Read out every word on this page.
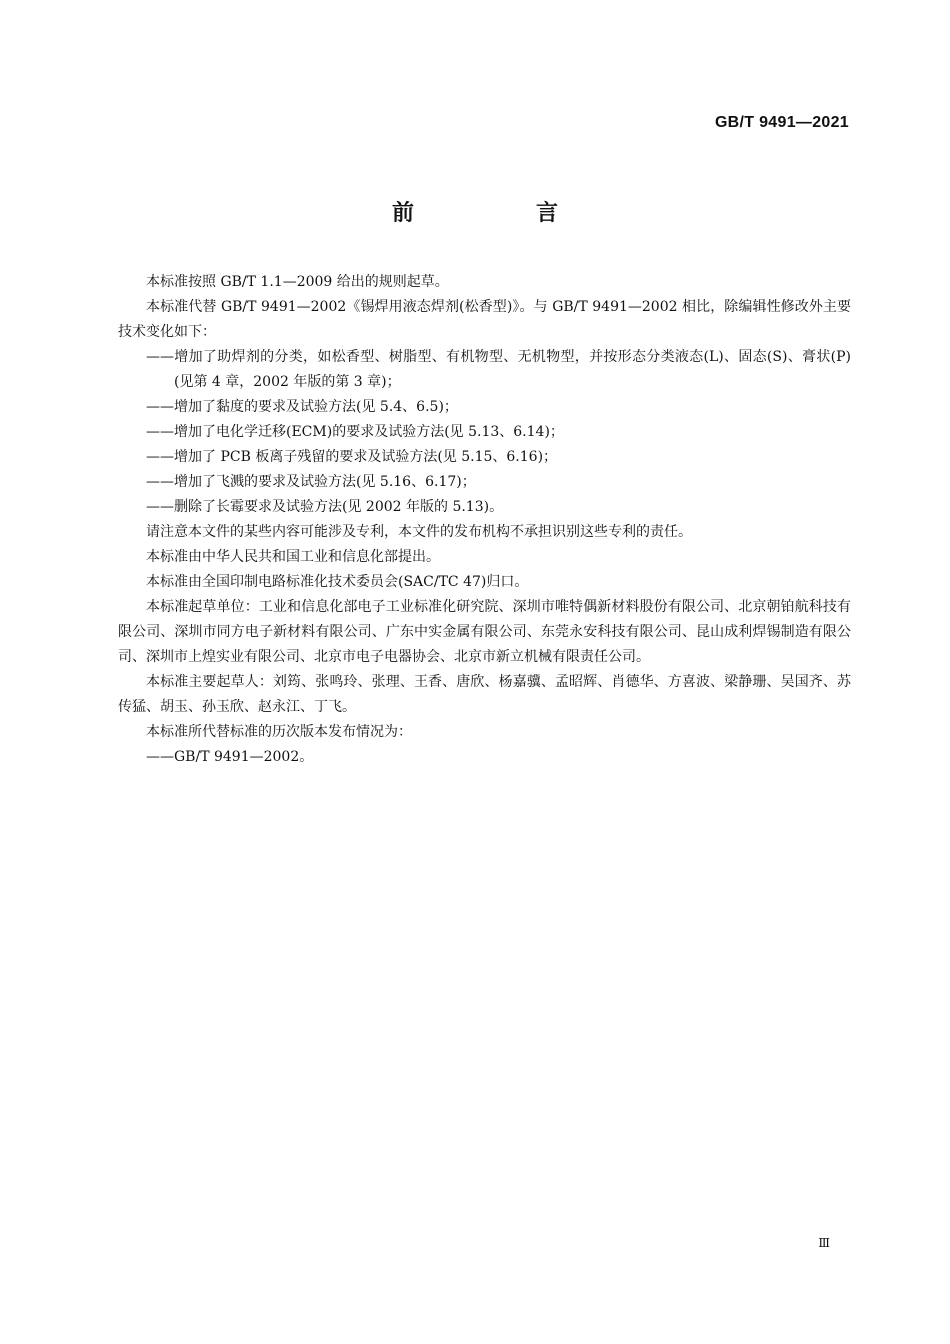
GB/T 9491—2021
前　言

本标准按照 GB/T 1.1—2009 给出的规则起草。

本标准代替 GB/T 9491—2002《锡焊用液态焊剂(松香型)》。与 GB/T 9491—2002 相比，除编辑性修改外主要技术变化如下：

——增加了助焊剂的分类，如松香型、树脂型、有机物型、无机物型，并按形态分类液态(L)、固态(S)、膏状(P)(见第 4 章，2002 年版的第 3 章)；

——增加了黏度的要求及试验方法(见 5.4、6.5)；

——增加了电化学迁移(ECM)的要求及试验方法(见 5.13、6.14)；

——增加了 PCB 板离子残留的要求及试验方法(见 5.15、6.16)；

——增加了飞溅的要求及试验方法(见 5.16、6.17)；

——删除了长霉要求及试验方法(见 2002 年版的 5.13)。

请注意本文件的某些内容可能涉及专利，本文件的发布机构不承担识别这些专利的责任。

本标准由中华人民共和国工业和信息化部提出。

本标准由全国印制电路标准化技术委员会(SAC/TC 47)归口。

本标准起草单位：工业和信息化部电子工业标准化研究院、深圳市唯特偶新材料股份有限公司、北京朝铂航科技有限公司、深圳市同方电子新材料有限公司、广东中实金属有限公司、东莞永安科技有限公司、昆山成利焊锡制造有限公司、深圳市上煌实业有限公司、北京市电子电器协会、北京市新立机械有限责任公司。

本标准主要起草人：刘筠、张鸣玲、张理、王香、唐欣、杨嘉骥、孟昭辉、肖德华、方喜波、梁静珊、吴国齐、苏传猛、胡玉、孙玉欣、赵永江、丁飞。

本标准所代替标准的历次版本发布情况为：

——GB/T 9491—2002。

Ⅲ
